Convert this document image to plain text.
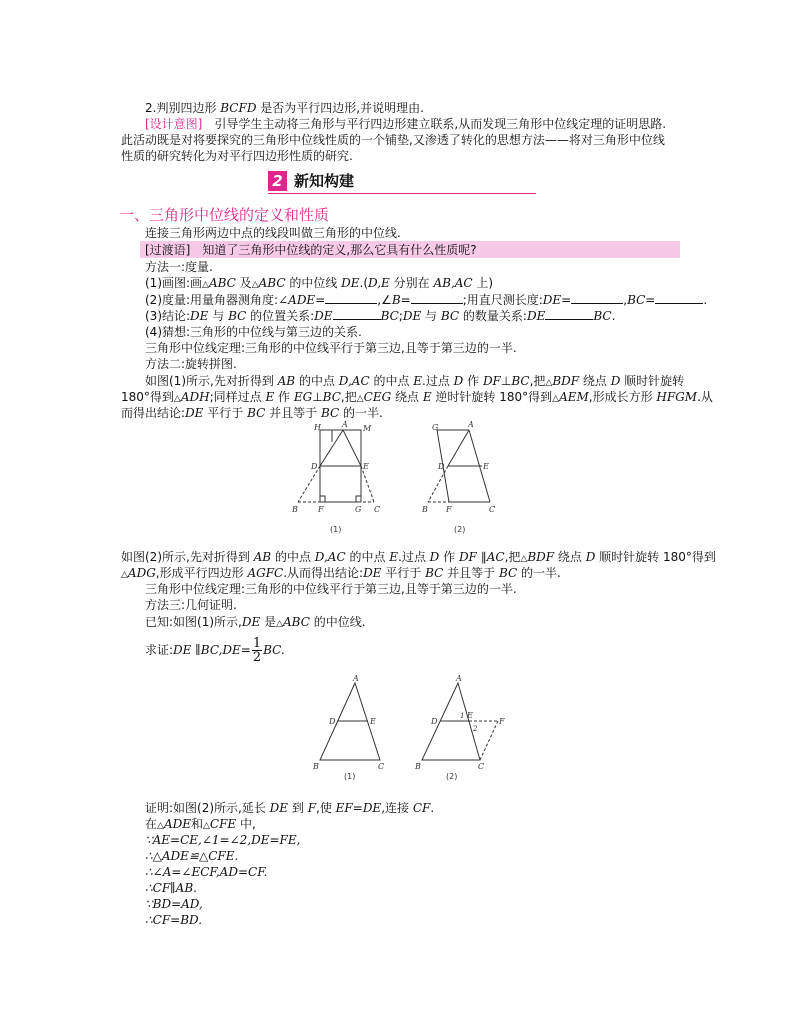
2.判别四边形 BCFD 是否为平行四边形,并说明理由.
[设计意图]　引导学生主动将三角形与平行四边形建立联系,从而发现三角形中位线定理的证明思路.
此活动既是对将要探究的三角形中位线性质的一个铺垫,又渗透了转化的思想方法——将对三角形中位线
性质的研究转化为对平行四边形性质的研究.
2 新知构建
一、三角形中位线的定义和性质
连接三角形两边中点的线段叫做三角形的中位线.
[过渡语]　知道了三角形中位线的定义,那么它具有什么性质呢?
方法一:度量.
(1)画图:画△ABC 及△ABC 的中位线 DE.(D,E 分别在 AB,AC 上)
(2)度量:用量角器测角度:∠ADE=	,∠B=	;用直尺测长度:DE=	,BC=	.
(3)结论:DE 与 BC 的位置关系:DE	BC;DE 与 BC 的数量关系:DE	BC.
(4)猜想:三角形的中位线与第三边的关系.
三角形中位线定理:三角形的中位线平行于第三边,且等于第三边的一半.
方法二:旋转拼图.
如图(1)所示,先对折得到 AB 的中点 D,AC 的中点 E.过点 D 作 DF⊥BC,把△BDF 绕点 D 顺时针旋转
180°得到△ADH;同样过点 E 作 EG⊥BC,把△CEG 绕点 E 逆时针旋转 180°得到△AEM,形成长方形 HFGM.从
而得出结论:DE 平行于 BC 并且等于 BC 的一半.
H	A M
D	E
B	F	G C
(1)
G	A
D	E
B F	C
(2)
如图(2)所示,先对折得到 AB 的中点 D,AC 的中点 E.过点 D 作 DF ∥AC,把△BDF 绕点 D 顺时针旋转 180°得到
△ADG,形成平行四边形 AGFC.从而得出结论:DE 平行于 BC 并且等于 BC 的一半.
三角形中位线定理:三角形的中位线平行于第三边,且等于第三边的一半.
方法三:几何证明.
已知:如图(1)所示,DE 是△ABC 的中位线.
求证:DE ∥BC,DE= $\frac{1}{2}$ BC.
A
D	E
B	C
(1)
A
D
E
F
B	C
1
2
(2)
证明:如图(2)所示,延长 DE 到 F,使 EF=DE,连接 CF.
在△ADE和△CFE 中,
∵AE=CE,∠1=∠2,DE=FE,
∴△ADE≌△CFE.
∴∠A=∠ECF,AD=CF.
∴CF∥AB.
∵BD=AD,
∴CF=BD.
